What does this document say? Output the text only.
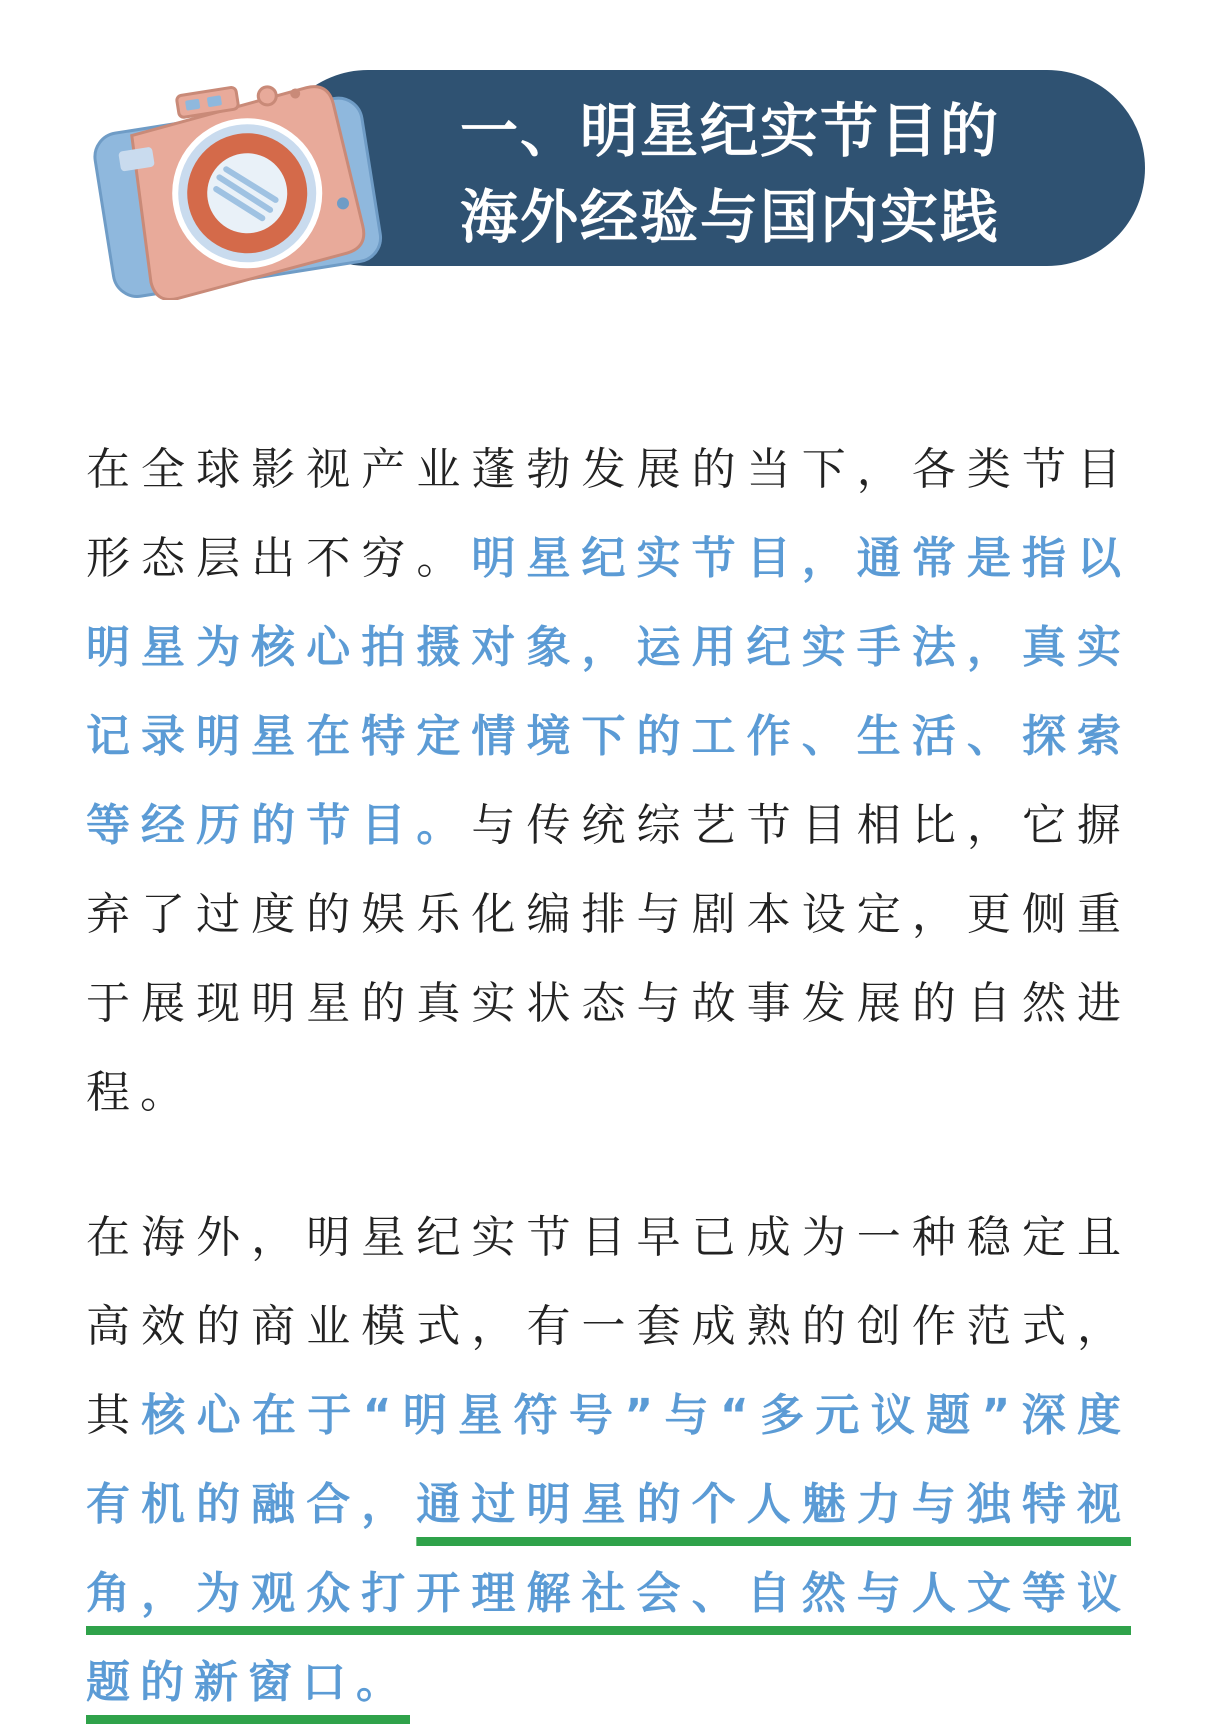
一、明星纪实节目的
海外经验与国内实践

在全球影视产业蓬勃发展的当下，各类节目形态层出不穷。明星纪实节目，通常是指以明星为核心拍摄对象，运用纪实手法，真实记录明星在特定情境下的工作、生活、探索等经历的节目。与传统综艺节目相比，它摒弃了过度的娱乐化编排与剧本设定，更侧重于展现明星的真实状态与故事发展的自然进程。

在海外，明星纪实节目早已成为一种稳定且高效的商业模式，有一套成熟的创作范式，其核心在于“明星符号”与“多元议题”深度有机的融合，通过明星的个人魅力与独特视角，为观众打开理解社会、自然与人文等议题的新窗口。
